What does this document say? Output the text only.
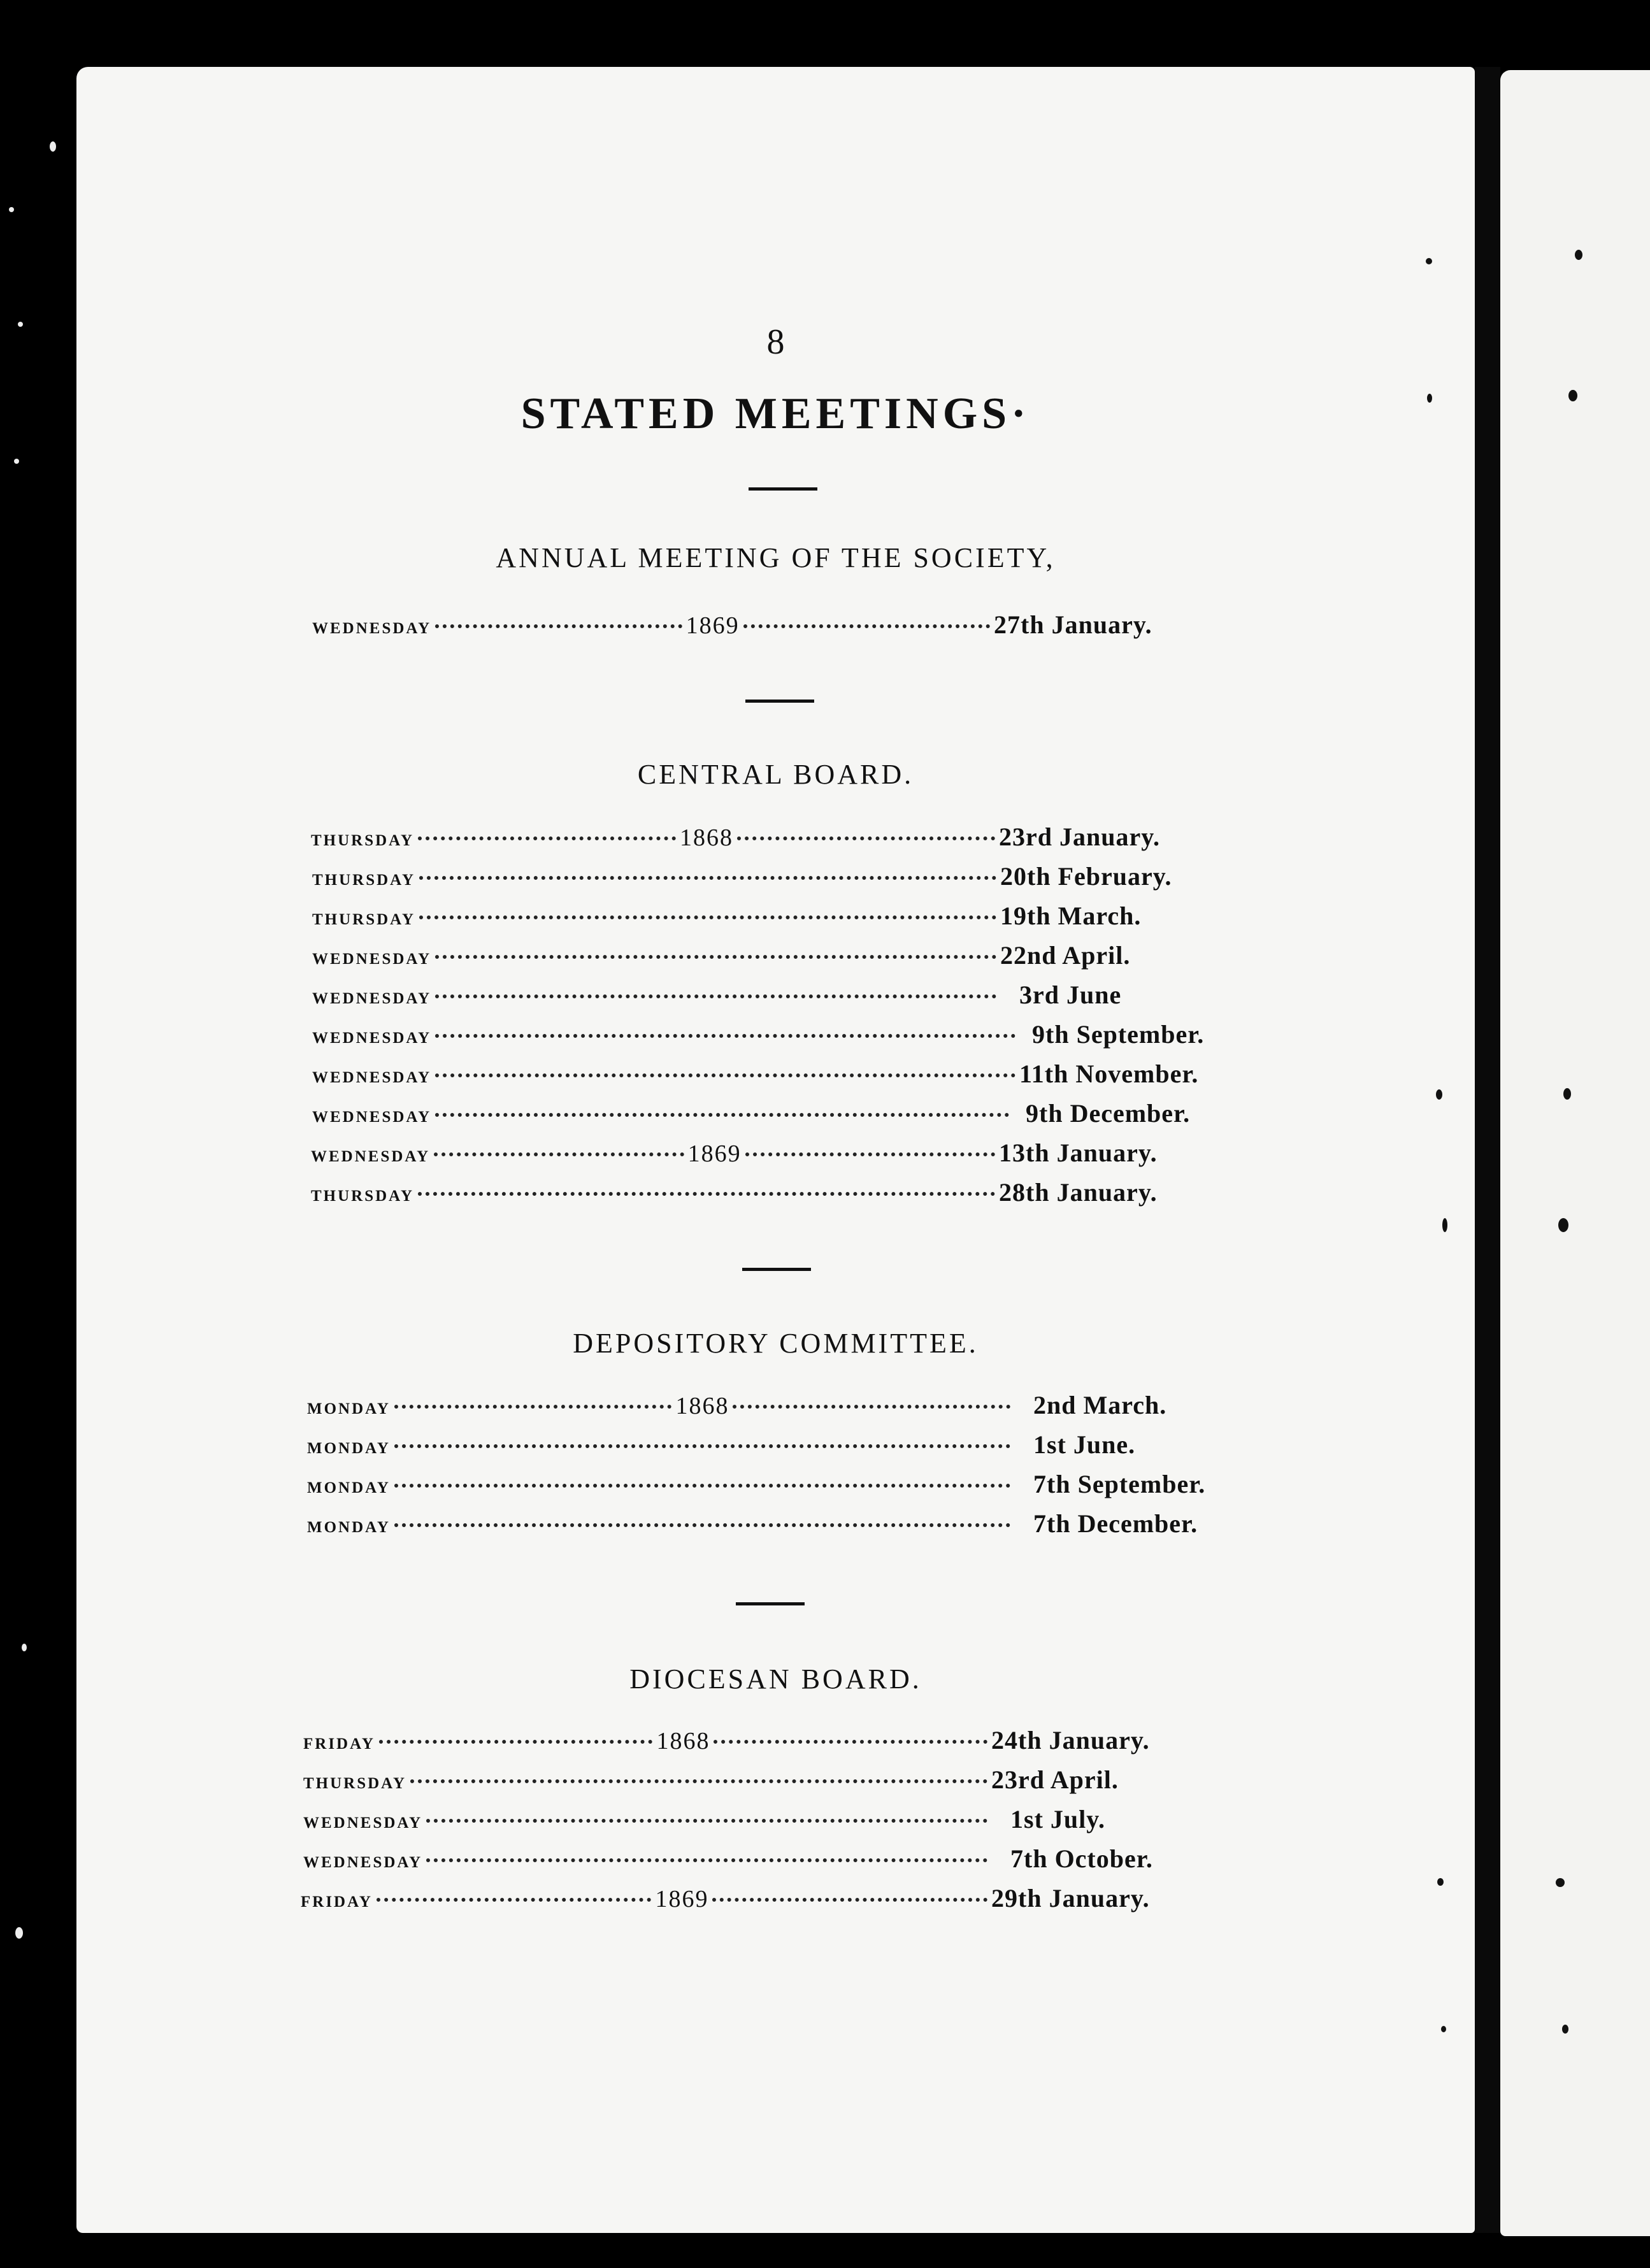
8
STATED MEETINGS·
ANNUAL MEETING OF THE SOCIETY,
WEDNESDAY	1869	27th January.
CENTRAL BOARD.
THURSDAY	1868	23rd January.
THURSDAY	20th February.
THURSDAY	19th March.
WEDNESDAY	22nd April.
WEDNESDAY	3rd June
WEDNESDAY	9th September.
WEDNESDAY	11th November.
WEDNESDAY	9th December.
WEDNESDAY	1869	13th January.
THURSDAY	28th January.
DEPOSITORY COMMITTEE.
MONDAY	1868	2nd March.
MONDAY	1st June.
MONDAY	7th September.
MONDAY	7th December.
DIOCESAN BOARD.
FRIDAY	1868	24th January.
THURSDAY	23rd April.
WEDNESDAY	1st July.
WEDNESDAY	7th October.
FRIDAY	1869	29th January.
